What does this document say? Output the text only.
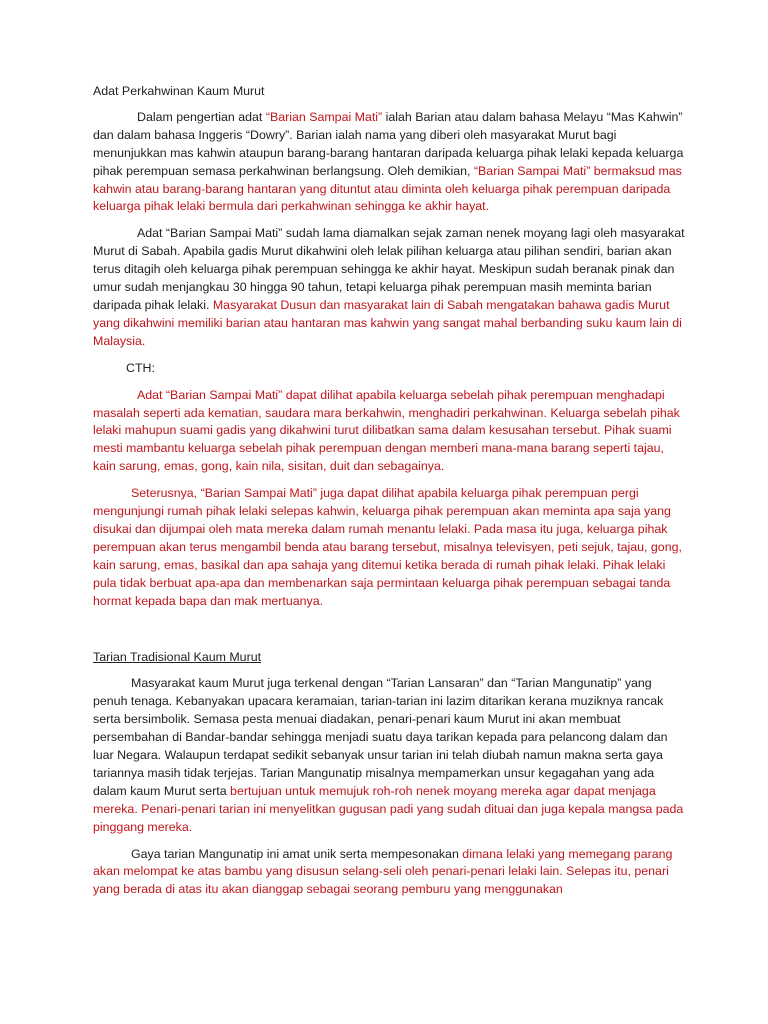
Adat Perkahwinan Kaum Murut

Dalam pengertian adat “Barian Sampai Mati” ialah Barian atau dalam bahasa Melayu “Mas Kahwin” dan dalam bahasa Inggeris “Dowry”. Barian ialah nama yang diberi oleh masyarakat Murut bagi menunjukkan mas kahwin ataupun barang-barang hantaran daripada keluarga pihak lelaki kepada keluarga pihak perempuan semasa perkahwinan berlangsung. Oleh demikian, “Barian Sampai Mati” bermaksud mas kahwin atau barang-barang hantaran yang dituntut atau diminta oleh keluarga pihak perempuan daripada keluarga pihak lelaki bermula dari perkahwinan sehingga ke akhir hayat.

Adat “Barian Sampai Mati” sudah lama diamalkan sejak zaman nenek moyang lagi oleh masyarakat Murut di Sabah. Apabila gadis Murut dikahwini oleh lelak pilihan keluarga atau pilihan sendiri, barian akan terus ditagih oleh keluarga pihak perempuan sehingga ke akhir hayat. Meskipun sudah beranak pinak dan umur sudah menjangkau 30 hingga 90 tahun, tetapi keluarga pihak perempuan masih meminta barian daripada pihak lelaki. Masyarakat Dusun dan masyarakat lain di Sabah mengatakan bahawa gadis Murut yang dikahwini memiliki barian atau hantaran mas kahwin yang sangat mahal berbanding suku kaum lain di Malaysia.

CTH:

Adat “Barian Sampai Mati” dapat dilihat apabila keluarga sebelah pihak perempuan menghadapi masalah seperti ada kematian, saudara mara berkahwin, menghadiri perkahwinan. Keluarga sebelah pihak lelaki mahupun suami gadis yang dikahwini turut dilibatkan sama dalam kesusahan tersebut. Pihak suami mesti mambantu keluarga sebelah pihak perempuan dengan memberi mana-mana barang seperti tajau, kain sarung, emas, gong, kain nila, sisitan, duit dan sebagainya.

Seterusnya, “Barian Sampai Mati” juga dapat dilihat apabila keluarga pihak perempuan pergi mengunjungi rumah pihak lelaki selepas kahwin, keluarga pihak perempuan akan meminta apa saja yang disukai dan dijumpai oleh mata mereka dalam rumah menantu lelaki. Pada masa itu juga, keluarga pihak perempuan akan terus mengambil benda atau barang tersebut, misalnya televisyen, peti sejuk, tajau, gong, kain sarung, emas, basikal dan apa sahaja yang ditemui ketika berada di rumah pihak lelaki. Pihak lelaki pula tidak berbuat apa-apa dan membenarkan saja permintaan keluarga pihak perempuan sebagai tanda hormat kepada bapa dan mak mertuanya.

Tarian Tradisional Kaum Murut

Masyarakat kaum Murut juga terkenal dengan “Tarian Lansaran” dan “Tarian Mangunatip” yang penuh tenaga. Kebanyakan upacara keramaian, tarian-tarian ini lazim ditarikan kerana muziknya rancak serta bersimbolik. Semasa pesta menuai diadakan, penari-penari kaum Murut ini akan membuat persembahan di Bandar-bandar sehingga menjadi suatu daya tarikan kepada para pelancong dalam dan luar Negara. Walaupun terdapat sedikit sebanyak unsur tarian ini telah diubah namun makna serta gaya tariannya masih tidak terjejas. Tarian Mangunatip misalnya mempamerkan unsur kegagahan yang ada dalam kaum Murut serta bertujuan untuk memujuk roh-roh nenek moyang mereka agar dapat menjaga mereka. Penari-penari tarian ini menyelitkan gugusan padi yang sudah dituai dan juga kepala mangsa pada pinggang mereka.

Gaya tarian Mangunatip ini amat unik serta mempesonakan dimana lelaki yang memegang parang akan melompat ke atas bambu yang disusun selang-seli oleh penari-penari lelaki lain. Selepas itu, penari yang berada di atas itu akan dianggap sebagai seorang pemburu yang menggunakan
